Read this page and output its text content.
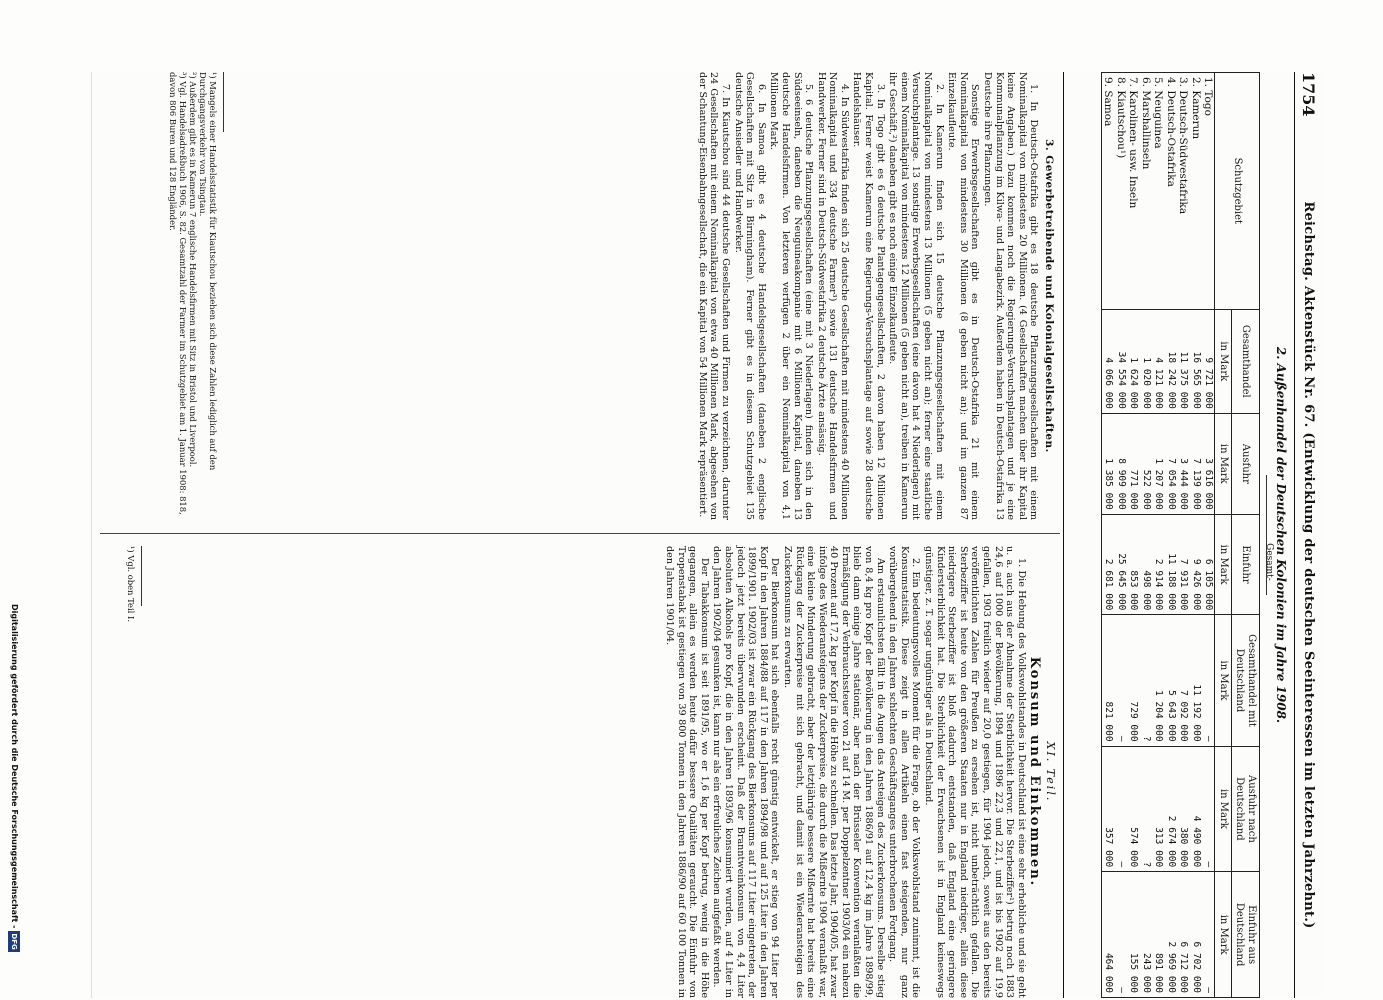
Digitalisierung gefördert durch die Deutsche Forschungsgemeinschaft -DFG
1754
Reichstag. Aktenstück Nr. 67. (Entwicklung der deutschen Seeinteressen im letzten Jahrzehnt.)
2. Außenhandel der Deutschen Kolonien im Jahre 1908.
Schutzgebiet	Gesamthandel	Ausfuhr	Einfuhr	Gesamthandel mit Deutschland	Ausfuhr nach Deutschland	Einfuhr aus Deutschland
	in Mark	in Mark	in Mark	in Mark	in Mark	in Mark
1. Togo	9 721 000	3 616 000	6 105 000	—	—	—
2. Kamerun	16 565 000	7 139 000	9 426 000	11 192 000	4 490 000	6 702 000
3. Deutsch-Südwestafrika	11 375 000	3 444 000	7 931 000	7 092 000	380 000	6 712 000
4. Deutsch-Ostafrika	18 242 000	7 054 000	11 188 000	5 643 000	2 674 000	2 969 000
5. Neuguinea	4 121 000	1 207 000	2 914 000	1 204 000	313 000	891 000
6. Marshallinseln	1 020 000	522 000	498 000	?	?	243 000
7. Karolinen- usw. Inseln	1 624 000	771 000	853 000	729 000	574 000	155 000
8. Kiautschou¹)	34 554 000	8 909 000	25 645 000	—	—	—
9. Samoa	4 066 000	1 385 000	2 681 000	821 000	357 000	464 000
Gesamt-
3. Gewerbetreibende und Kolonialgesellschaften.

1. In Deutsch-Ostafrika gibt es 18 deutsche Pflanzungsgesellschaften mit einem Nominalkapital von mindestens 20 Millionen. (4 Gesellschaften machen über ihr Kapital keine Angaben.) Dazu kommen noch die Regierungs-Versuchsplantagen und je eine Kommunalpflanzung im Kilwa- und Langabezirk. Außerdem haben in Deutsch-Ostafrika 13 Deutsche ihre Pflanzungen.

Sonstige Erwerbsgesellschaften gibt es in Deutsch-Ostafrika 21 mit einem Nominalkapital von mindestens 30 Millionen (8 geben nicht an); und im ganzen 87 Einzelkaufleute.

2. In Kamerun finden sich 15 deutsche Pflanzungsgesellschaften mit einem Nominalkapital von mindestens 13 Millionen (5 geben nicht an); ferner eine staatliche Versuchsplantage. 13 sonstige Erwerbsgesellschaften (eine davon hat 4 Niederlagen) mit einem Nominalkapital von mindestens 12 Millionen (5 geben nicht an), treiben in Kamerun ihr Geschäft,²) daneben gibt es noch einige Einzelkaufleute.

3. In Togo gibt es 6 deutsche Plantagengesellschaften, 2 davon haben 12 Millionen Kapital. Ferner weist Kamerun eine Regierungs-Versuchsplantage auf sowie 28 deutsche Handelshäuser.

4. In Südwestafrika finden sich 25 deutsche Gesellschaften mit mindestens 40 Millionen Nominalkapital und 334 deutsche Farmer³) sowie 131 deutsche Handelsfirmen und Handwerker. Ferner sind in Deutsch-Südwestafrika 2 deutsche Ärzte ansässig.

5. 6 deutsche Pflanzungsgesellschaften (eine mit 3 Niederlagen) finden sich in den Südseeinseln, daneben die Neuguineakompanie mit 6 Millionen Kapital, daneben 13 deutsche Handelsfirmen. Von letzteren verfügen 2 über ein Nominalkapital von 4,1 Millionen Mark.

6. In Samoa gibt es 4 deutsche Handelsgesellschaften (daneben 2 englische Gesellschaften mit Sitz in Birmingham). Ferner gibt es in diesem Schutzgebiet 135 deutsche Ansiedler und Handwerker.

7. In Kiautschou sind 44 deutsche Gesellschaften und Firmen zu verzeichnen, darunter 24 Gesellschaften mit einem Nominalkapital von etwa 40 Millionen Mark, abgesehen von der Schantung-Eisenbahngesellschaft, die ein Kapital von 54 Millionen Mark repräsentiert.

¹) Mangels einer Handelsstatistik für Kiautschou beziehen sich diese Zahlen lediglich auf den Durchgangsverkehr von Tsingtau.

²) Außerdem gibt es in Kamerun 7 englische Handelsfirmen mit Sitz in Bristol und Liverpool.

³) Vgl. Handelsadreßbuch 1906, S. 82. Gesamtzahl der Farmer im Schutzgebiet am 1. Januar 1908: 818, davon 806 Buren und 128 Engländer.

XI. Teil.
Konsum und Einkommen.

1. Die Hebung des Volkswohlstandes in Deutschland ist eine sehr erhebliche und sie geht u. a. auch aus der Abnahme der Sterblichkeit hervor. Die Sterbeziffer¹) betrug noch 1883 24,6 auf 1000 der Bevölkerung, 1894 und 1896 22,3 und 22,1, und ist bis 1902 auf 19,9 gefallen, 1903 freilich wieder auf 20,0 gestiegen, für 1904 jedoch, soweit aus den bereits veröffentlichten Zahlen für Preußen zu ersehen ist, nicht unbeträchtlich gefallen. Die Sterbeziffer ist heute von den größeren Staaten nur in England niedriger, allein diese niedrigere Sterbeziffer ist bloß dadurch entstanden, daß England eine geringere Kindersterblichkeit hat. Die Sterblichkeit der Erwachsenen ist in England keineswegs günstiger, z. T. sogar ungünstiger als in Deutschland.

2. Ein bedeutungsvolles Moment für die Frage, ob der Volkswohlstand zunimmt, ist die Konsumstatistik. Diese zeigt in allen Artikeln einen fast steigenden, nur ganz vorübergehend in den Jahren schlechten Geschäftsganges unterbrochenen Fortgang.

Am erstaunlichsten fällt in die Augen das Ansteigen des Zuckerkonsums. Derselbe stieg von 8,4 kg pro Kopf der Bevölkerung in den Jahren 1886/91 auf 12,4 kg im Jahre 1898/99, blieb dann einige Jahre stationär, aber nach der Brüsseler Konvention veranlaßten die Ermäßigung der Verbrauchssteuer von 21 auf 14 M. per Doppelzentner 1903/04 ein nahezu 40 Prozent auf 17,2 kg per Kopf in die Höhe zu schnellen. Das letzte Jahr, 1904/05, hat zwar infolge des Wiederansteigens der Zuckerpreise, die durch die Mißernte 1904 veranlaßt war, eine kleine Minderung gebracht, aber der letztjährige bessere Mißernte hat bereits eine Rückgang der Zuckerpreise mit sich gebracht, und damit ist ein Wiederansteigen des Zuckerkonsums zu erwarten.

Der Bierkonsum hat sich ebenfalls recht günstig entwickelt, er stieg von 94 Liter per Kopf in den Jahren 1884/88 auf 117 in den Jahren 1894/98 und auf 125 Liter in den Jahren 1899/1901. 1902/03 ist zwar ein Rückgang des Bierkonsums auf 117 Liter eingetreten, der jedoch jetzt bereits überwunden erscheint. Daß der Branntweinkonsum von 4,4 Liter absoluten Alkohols pro Kopf, die in den Jahren 1893/96 konsumiert wurden, auf 4 Liter in den Jahren 1902/04 gesunken ist, kann nur als ein erfreuliches Zeichen aufgefaßt werden.

Der Tabakkonsum ist seit 1891/95, wo er 1,6 kg per Kopf betrug, wenig in die Höhe gegangen, allein es werden heute dafür bessere Qualitäten geraucht. Die Einfuhr von Tropenstabak ist gestiegen von 39 800 Tonnen in den Jahren 1886/90 auf 60 100 Tonnen in den Jahren 1901/04.

¹) Vgl. oben Teil I.
